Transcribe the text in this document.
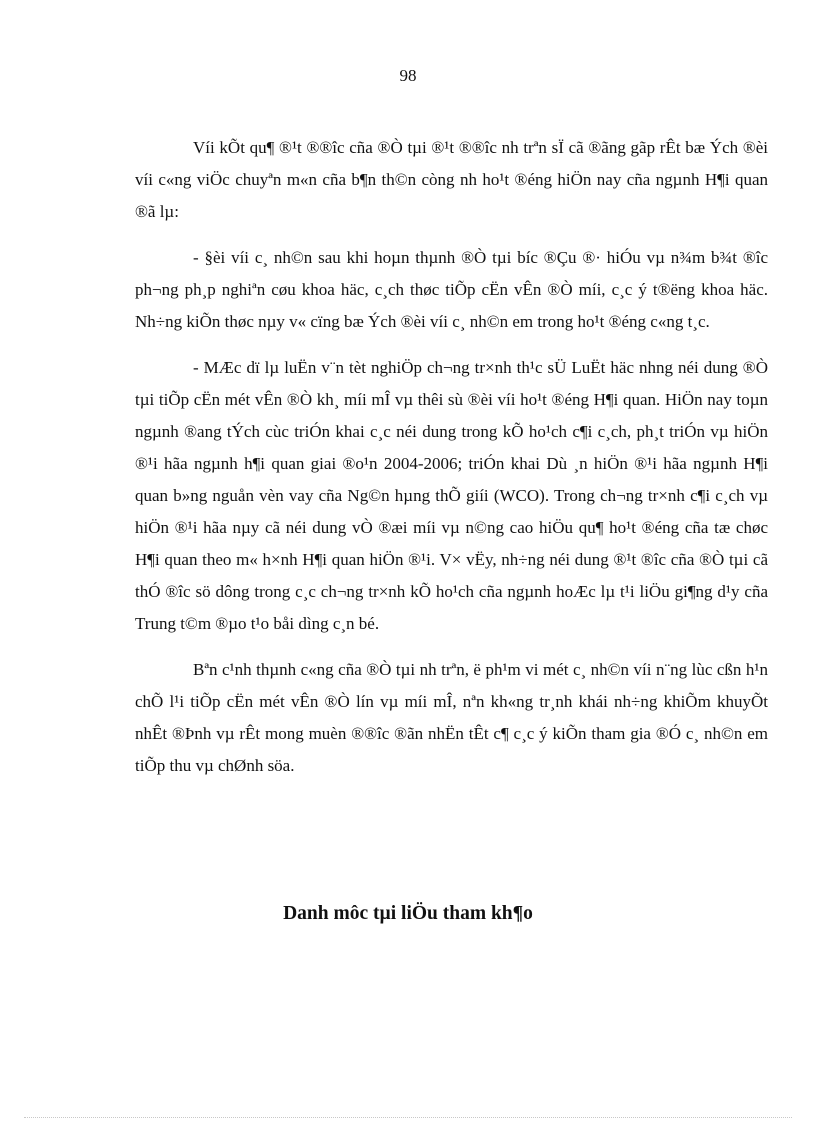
98

Víi kÕt qu¶ ®¹t ®®îc cña ®Ò tµi ®¹t ®®îc nh trªn sÏ cã ®ãng gãp rÊt bæ Ých ®èi víi c«ng viÖc chuyªn m«n cña b¶n th©n còng nh ho¹t ®éng hiÖn nay cña ngµnh H¶i quan ®ã lµ:

- §èi víi c¸ nh©n sau khi hoµn thµnh ®Ò tµi bíc ®Çu ®· hiÓu vµ n¾m b¾t ®îc ph¬ng ph¸p nghiªn cøu khoa häc, c¸ch thøc tiÕp cËn vÊn ®Ò míi, c¸c ý t®ëng khoa häc. Nh÷ng kiÕn thøc nµy v« cïng bæ Ých ®èi víi c¸ nh©n em trong ho¹t ®éng c«ng t¸c.

- MÆc dï lµ luËn v¨n tèt nghiÖp ch¬ng tr×nh th¹c sÜ LuËt häc nhng néi dung ®Ò tµi tiÕp cËn mét vÊn ®Ò kh¸ míi mÎ vµ thêi sù ®èi víi ho¹t ®éng H¶i quan. HiÖn nay toµn ngµnh ®ang tÝch cùc triÓn khai c¸c néi dung trong kÕ ho¹ch c¶i c¸ch, ph¸t triÓn vµ hiÖn ®¹i hãa ngµnh h¶i quan giai ®o¹n 2004-2006; triÓn khai Dù ¸n hiÖn ®¹i hãa ngµnh H¶i quan b»ng nguån vèn vay cña Ng©n hµng thÕ giíi (WCO). Trong ch¬ng tr×nh c¶i c¸ch vµ hiÖn ®¹i hãa nµy cã néi dung vÒ ®æi míi vµ n©ng cao hiÖu qu¶ ho¹t ®éng cña tæ chøc H¶i quan theo m« h×nh H¶i quan hiÖn ®¹i. V× vËy, nh÷ng néi dung ®¹t ®îc cña ®Ò tµi cã thÓ ®îc sö dông trong c¸c ch¬ng tr×nh kÕ ho¹ch cña ngµnh hoÆc lµ t¹i liÖu gi¶ng d¹y cña Trung t©m ®µo t¹o båi dìng c¸n bé.

Bªn c¹nh thµnh c«ng cña ®Ò tµi nh trªn, ë ph¹m vi mét c¸ nh©n víi n¨ng lùc cßn h¹n chÕ l¹i tiÕp cËn mét vÊn ®Ò lín vµ míi mÎ, nªn kh«ng tr¸nh khái nh÷ng khiÕm khuyÕt nhÊt ®Þnh vµ rÊt mong muèn ®®îc ®ãn nhËn tÊt c¶ c¸c ý kiÕn tham gia ®Ó c¸ nh©n em tiÕp thu vµ chØnh söa.

Danh môc tµi liÖu tham kh¶o
